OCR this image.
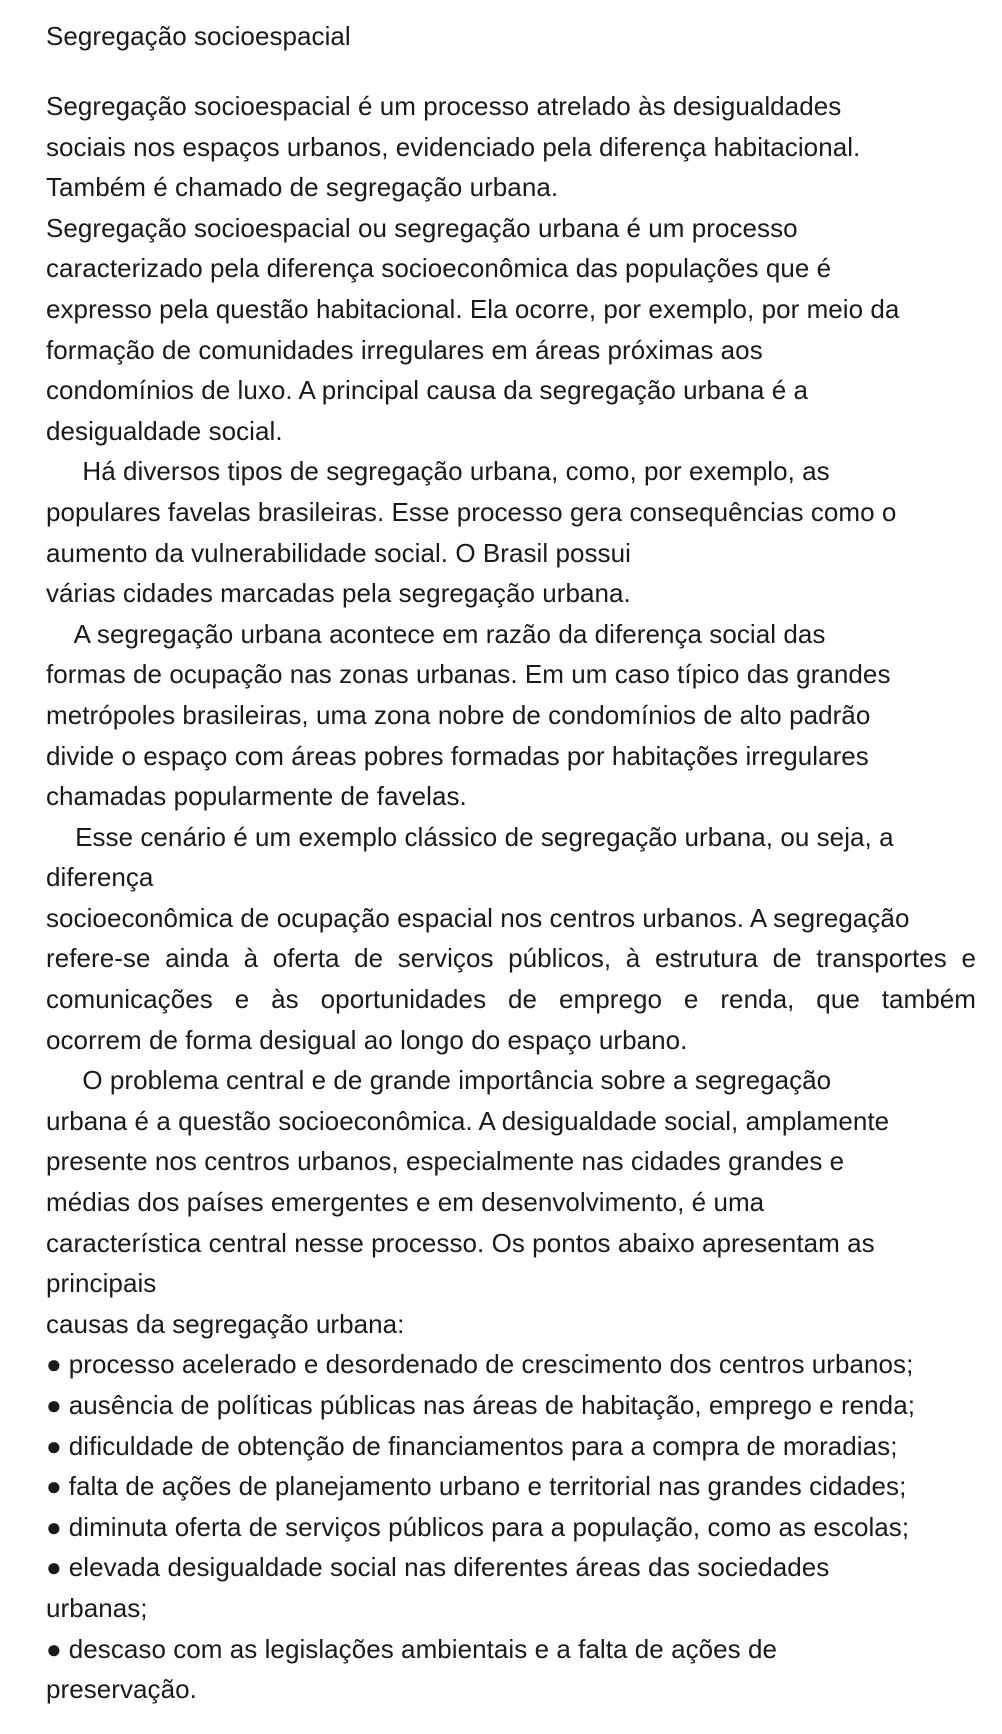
Segregação socioespacial
Segregação socioespacial é um processo atrelado às desigualdades
sociais nos espaços urbanos, evidenciado pela diferença habitacional.
Também é chamado de segregação urbana.
Segregação socioespacial ou segregação urbana é um processo
caracterizado pela diferença socioeconômica das populações que é
expresso pela questão habitacional. Ela ocorre, por exemplo, por meio da
formação de comunidades irregulares em áreas próximas aos
condomínios de luxo. A principal causa da segregação urbana é a
desigualdade social.
Há diversos tipos de segregação urbana, como, por exemplo, as
populares favelas brasileiras. Esse processo gera consequências como o
aumento da vulnerabilidade social. O Brasil possui
várias cidades marcadas pela segregação urbana.
A segregação urbana acontece em razão da diferença social das
formas de ocupação nas zonas urbanas. Em um caso típico das grandes
metrópoles brasileiras, uma zona nobre de condomínios de alto padrão
divide o espaço com áreas pobres formadas por habitações irregulares
chamadas popularmente de favelas.
Esse cenário é um exemplo clássico de segregação urbana, ou seja, a
diferença
socioeconômica de ocupação espacial nos centros urbanos. A segregação
refere-se ainda à oferta de serviços públicos, à estrutura de transportes e
comunicações e às oportunidades de emprego e renda, que também
ocorrem de forma desigual ao longo do espaço urbano.
O problema central e de grande importância sobre a segregação
urbana é a questão socioeconômica. A desigualdade social, amplamente
presente nos centros urbanos, especialmente nas cidades grandes e
médias dos países emergentes e em desenvolvimento, é uma
característica central nesse processo. Os pontos abaixo apresentam as
principais
causas da segregação urbana:
● processo acelerado e desordenado de crescimento dos centros urbanos;
● ausência de políticas públicas nas áreas de habitação, emprego e renda;
● dificuldade de obtenção de financiamentos para a compra de moradias;
● falta de ações de planejamento urbano e territorial nas grandes cidades;
● diminuta oferta de serviços públicos para a população, como as escolas;
● elevada desigualdade social nas diferentes áreas das sociedades
urbanas;
● descaso com as legislações ambientais e a falta de ações de
preservação.
